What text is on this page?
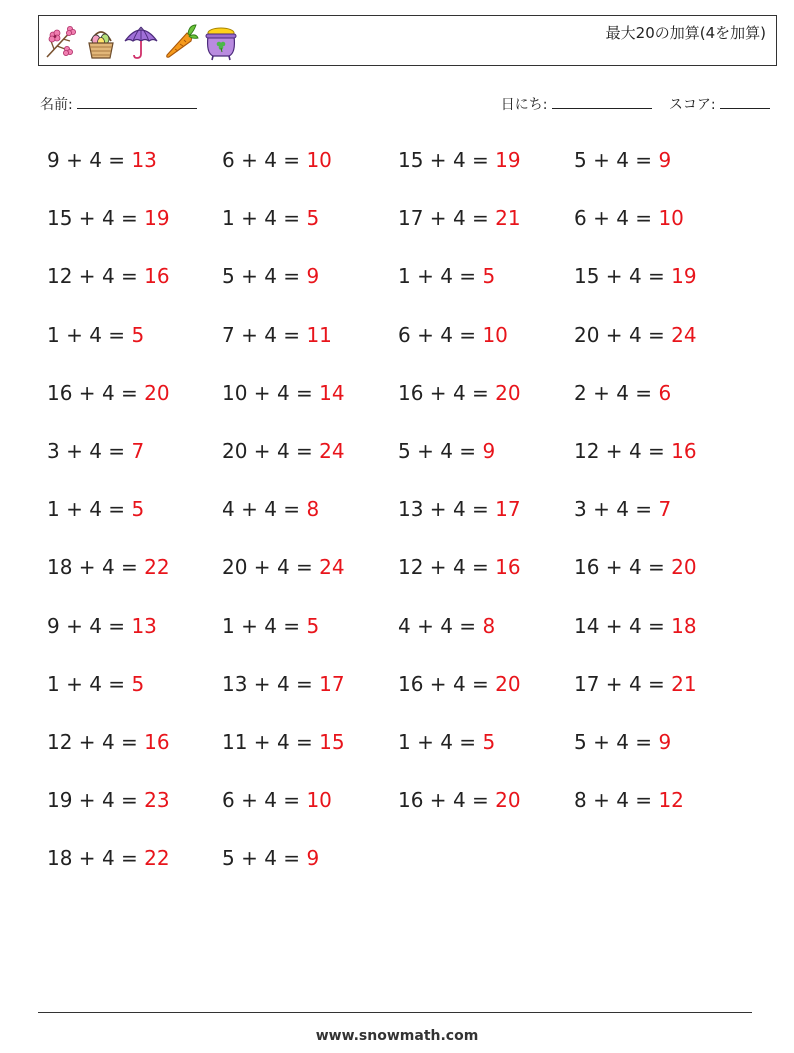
最大20の加算(4を加算)
名前:	日にち:	スコア:
9 + 4 = 13	6 + 4 = 10	15 + 4 = 19	5 + 4 = 9
15 + 4 = 19	1 + 4 = 5	17 + 4 = 21	6 + 4 = 10
12 + 4 = 16	5 + 4 = 9	1 + 4 = 5	15 + 4 = 19
1 + 4 = 5	7 + 4 = 11	6 + 4 = 10	20 + 4 = 24
16 + 4 = 20	10 + 4 = 14	16 + 4 = 20	2 + 4 = 6
3 + 4 = 7	20 + 4 = 24	5 + 4 = 9	12 + 4 = 16
1 + 4 = 5	4 + 4 = 8	13 + 4 = 17	3 + 4 = 7
18 + 4 = 22	20 + 4 = 24	12 + 4 = 16	16 + 4 = 20
9 + 4 = 13	1 + 4 = 5	4 + 4 = 8	14 + 4 = 18
1 + 4 = 5	13 + 4 = 17	16 + 4 = 20	17 + 4 = 21
12 + 4 = 16	11 + 4 = 15	1 + 4 = 5	5 + 4 = 9
19 + 4 = 23	6 + 4 = 10	16 + 4 = 20	8 + 4 = 12
18 + 4 = 22	5 + 4 = 9
www.snowmath.com
